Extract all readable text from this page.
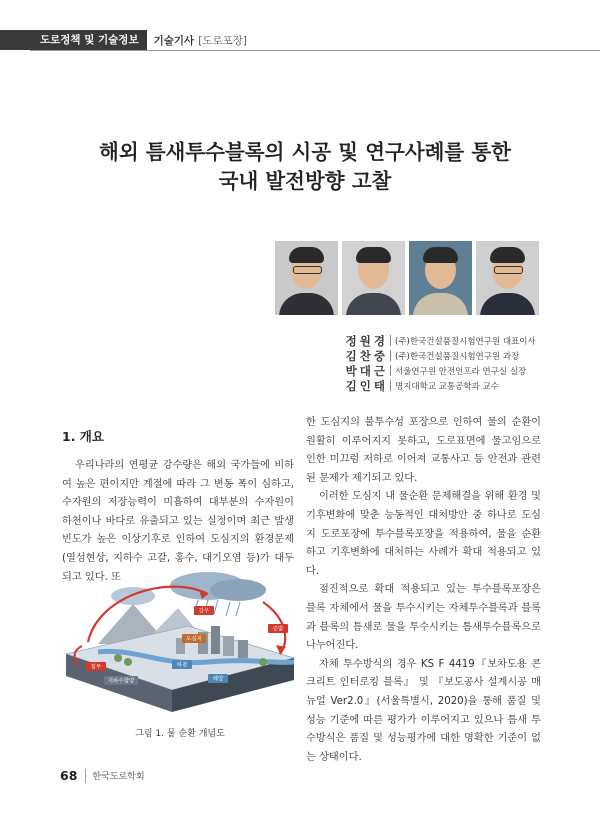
도로정책 및 기술정보	기술기사 [도로포장]
해외 틈새투수블록의 시공 및 연구사례를 통한
국내 발전방향 고찰
정원경 (주)한국건설품질시험연구원 대표이사
김찬중 (주)한국건설품질시험연구원 과장
박대근 서울연구원 안전인프라 연구실 실장
김인태 명지대학교 교통공학과 교수
1. 개요

우리나라의 연평균 강수량은 해외 국가들에 비하여 높은 편이지만 계절에 따라 그 변동 폭이 심하고, 수자원의 저장능력이 미흡하여 대부분의 수자원이 하천이나 바다로 유출되고 있는 실정이며 최근 발생 빈도가 높은 이상기후로 인하여 도심지의 환경문제(열섬현상, 지하수 고갈, 홍수, 대기오염 등)가 대두되고 있다. 또

강우
증발
도심지
하천
침투
지하수함양	해양
그림 1. 물 순환 개념도

한 도심지의 불투수성 포장으로 인하여 물의 순환이 원활히 이루어지지 못하고, 도로표면에 물고임으로 인한 미끄럼 저하로 이어져 교통사고 등 안전과 관련된 문제가 제기되고 있다.

이러한 도심지 내 물순환 문제해결을 위해 환경 및 기후변화에 맞춘 능동적인 대처방안 중 하나로 도심지 도로포장에 투수블록포장을 적용하여, 물을 순환하고 기후변화에 대처하는 사례가 확대 적용되고 있다.

점진적으로 확대 적용되고 있는 투수블록포장은 블록 자체에서 물을 투수시키는 자체투수블록과 블록과 블록의 틈새로 물을 투수시키는 틈새투수블록으로 나누어진다.

자체 투수방식의 경우 KS F 4419『보차도용 콘크리트 인터로킹 블록』 및 『보도공사 설계시공 매뉴얼 Ver2.0』(서울특별시, 2020)을 통해 품질 및 성능 기준에 따른 평가가 이루어지고 있으나 틈새 투수방식은 품질 및 성능평가에 대한 명확한 기준이 없는 상태이다.

68 한국도로학회
